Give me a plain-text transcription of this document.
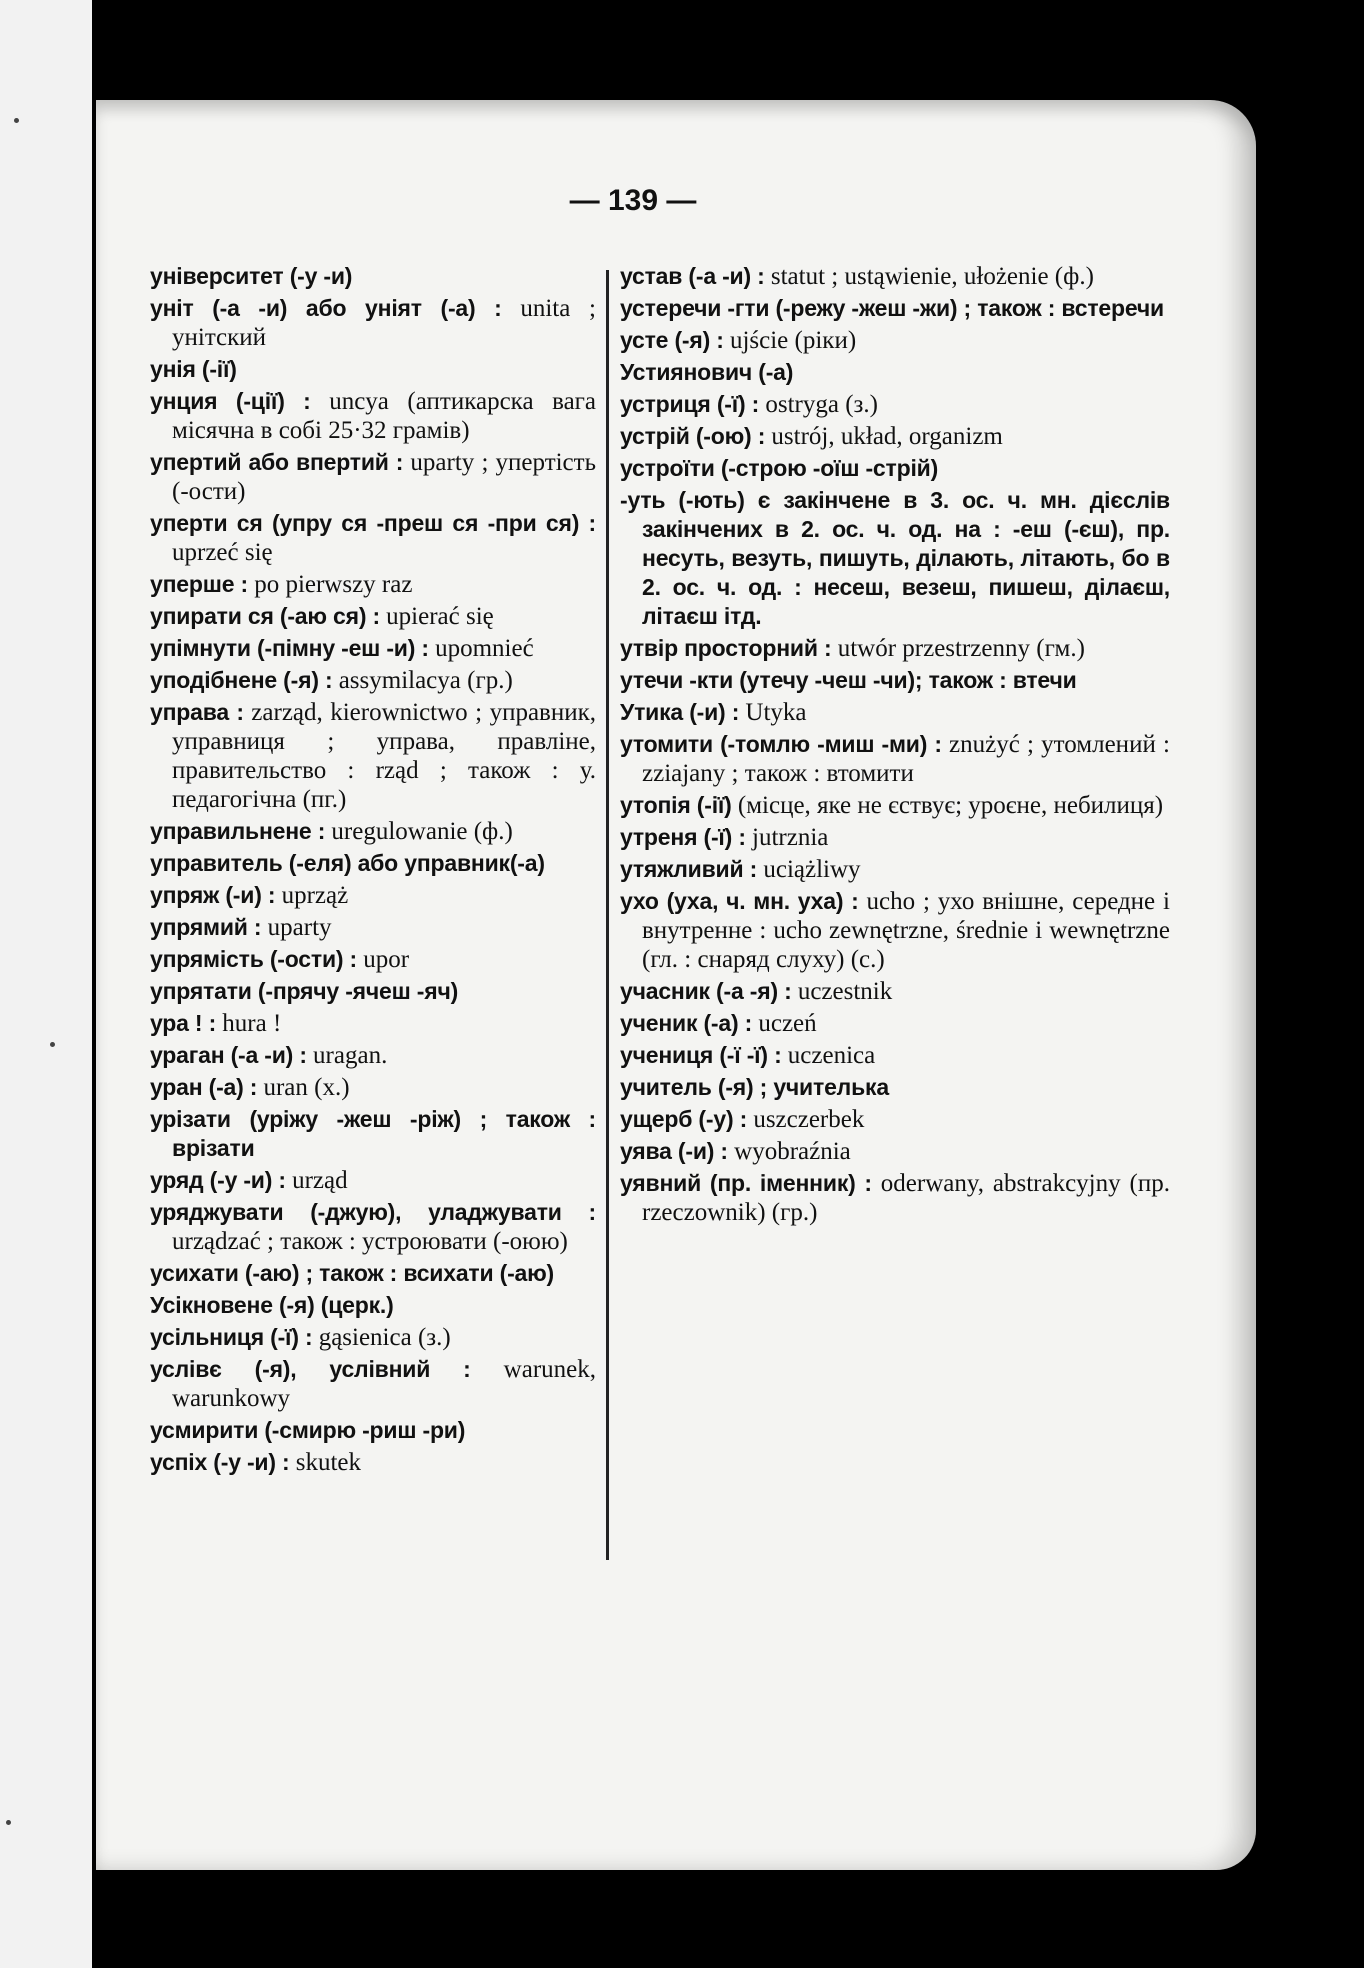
— 139 —
університет (-у -и)
уніт (-а -и) або уніят (-а) : unita ; унітский
унія (-ії)
унция (-ції) : uncya (аптикарска вага місячна в собі 25·32 грамів)
упертий або впертий : uparty ; упертість (-ости)
уперти ся (упру ся -преш ся -при ся) : uprzeć się
уперше : po pierwszy raz
упирати ся (-аю ся) : upierać się
упімнути (-пімну -еш -и) : upomnieć
уподібнене (-я) : assymilacya (гр.)
управа : zarząd, kierownictwo ; управник, управниця ; управа, правліне, правительство : rząd ; також : у. педагогічна (пг.)
управильнене : uregulowanie (ф.)
управитель (-еля) або управник(-а)
упряж (-и) : uprząż
упрямий : uparty
упрямість (-ости) : upor
упрятати (-прячу -ячеш -яч)
ура ! : hura !
ураган (-а -и) : uragan.
уран (-а) : uran (х.)
урізати (уріжу -жеш -ріж) ; також : врізати
уряд (-у -и) : urząd
уряджувати (-джую), уладжувати : urządzać ; також : устроювати (-оюю)
усихати (-аю) ; також : всихати (-аю)
Усікновене (-я) (церк.)
усільниця (-ї) : gąsienica (з.)
услівє (-я), услівний : warunek, warunkowy
усмирити (-смирю -риш -ри)
успіх (-у -и) : skutek
устав (-а -и) : statut ; ustąwienie, ułożenie (ф.)
устеречи -гти (-режу -жеш -жи) ; також : встеречи
усте (-я) : ujście (ріки)
Устиянович (-а)
устриця (-ї) : ostryga (з.)
устрій (-ою) : ustrój, układ, organizm
устроїти (-строю -оїш -стрій)
-уть (-ють) є закінчене в 3. ос. ч. мн. дієслів закінчених в 2. ос. ч. од. на : -еш (-єш), пр. несуть, везуть, пишуть, ділають, літають, бо в 2. ос. ч. од. : несеш, везеш, пишеш, ділаєш, літаєш ітд.
утвір просторний : utwór przestrzenny (гм.)
утечи -кти (утечу -чеш -чи); також : втечи
Утика (-и) : Utyka
утомити (-томлю -миш -ми) : znużyć ; утомлений : zziajany ; також : втомити
утопія (-ії) (місце, яке не єствує; уроєне, небилиця)
утреня (-ї) : jutrznia
утяжливий : uciążliwy
ухо (уха, ч. мн. уха) : ucho ; ухо внішне, середне і внутренне : ucho zewnętrzne, średnie i wewnętrzne (гл. : снаряд слуху) (с.)
учасник (-а -я) : uczestnik
ученик (-а) : uczeń
учениця (-ї -ї) : uczenica
учитель (-я) ; учителька
ущерб (-у) : uszczerbek
уява (-и) : wyobraźnia
уявний (пр. іменник) : oderwany, abstrakcyjny (пр. rzeczownik) (гр.)
